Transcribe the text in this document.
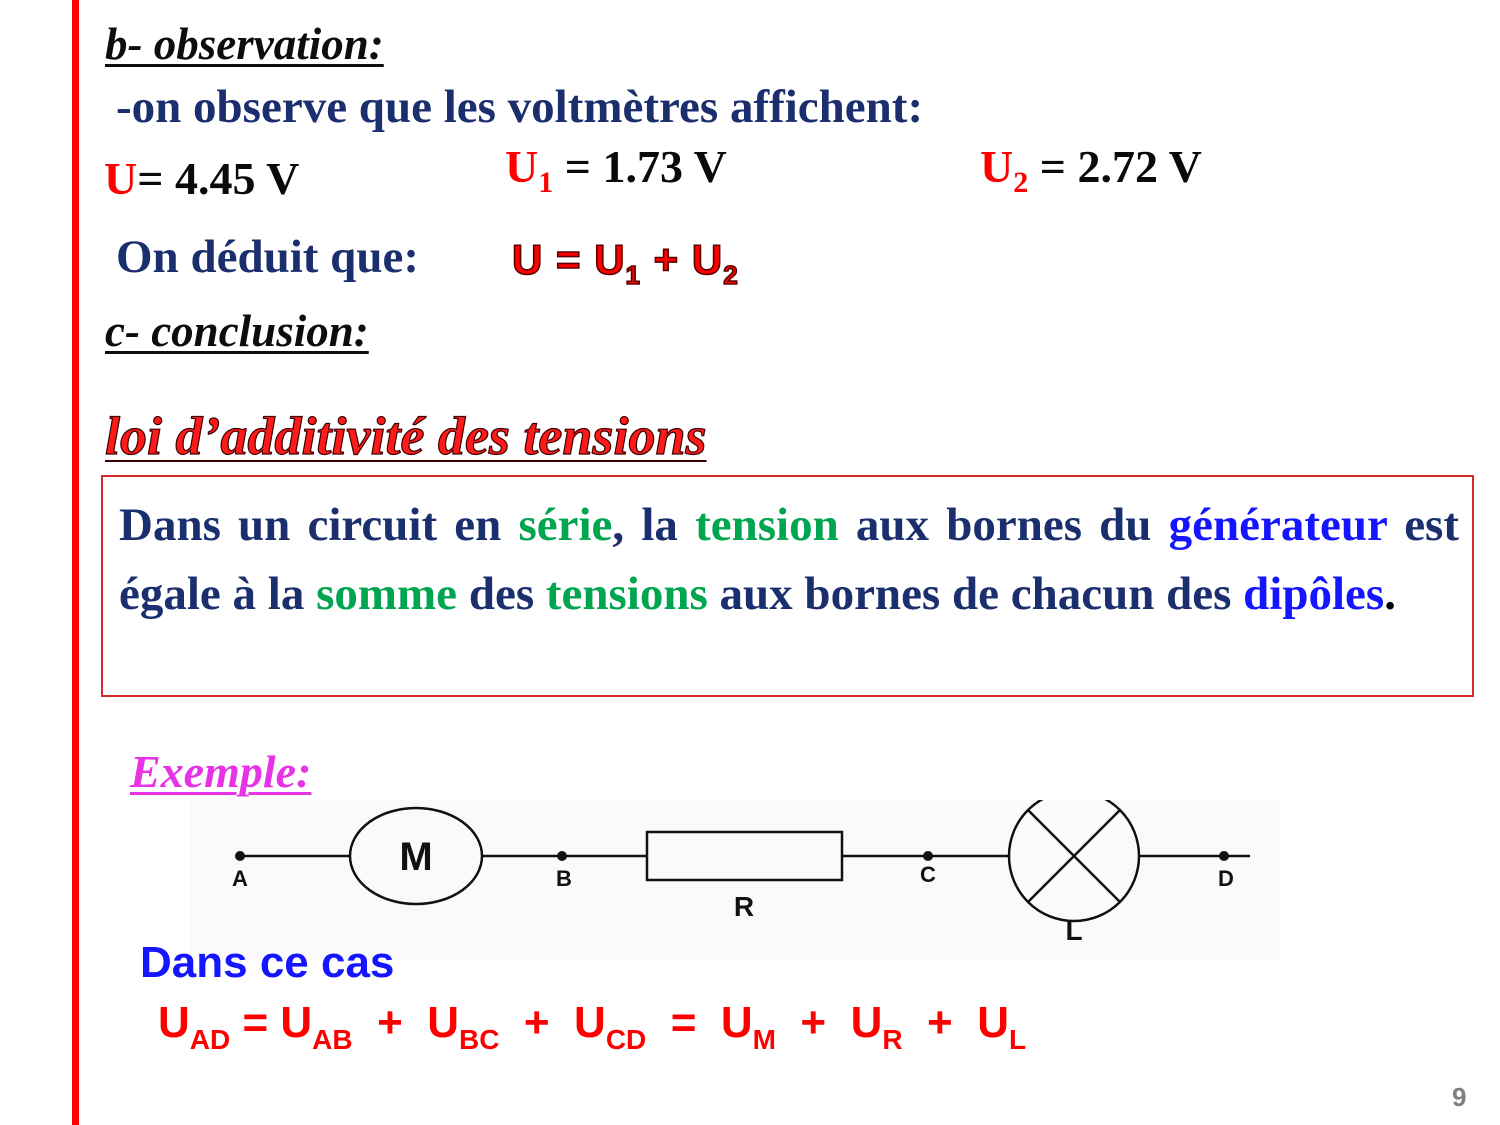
b- observation:
-on observe que les voltmètres affichent:
U= 4.45 V	$U_1 = 1.73$ V	$U_2 = 2.72$ V
On déduit que: $U = U_1 + U_2$
c- conclusion:
loi d’additivité des tensions
Dans un circuit en série, la tension aux bornes du générateur est égale à la somme des tensions aux bornes de chacun des dipôles.
Exemple:
M
R
L
A	B	C	D
Dans ce cas
$U_{AD} = U_{AB} + U_{BC} + U_{CD} = U_M + U_R + U_L$
9
